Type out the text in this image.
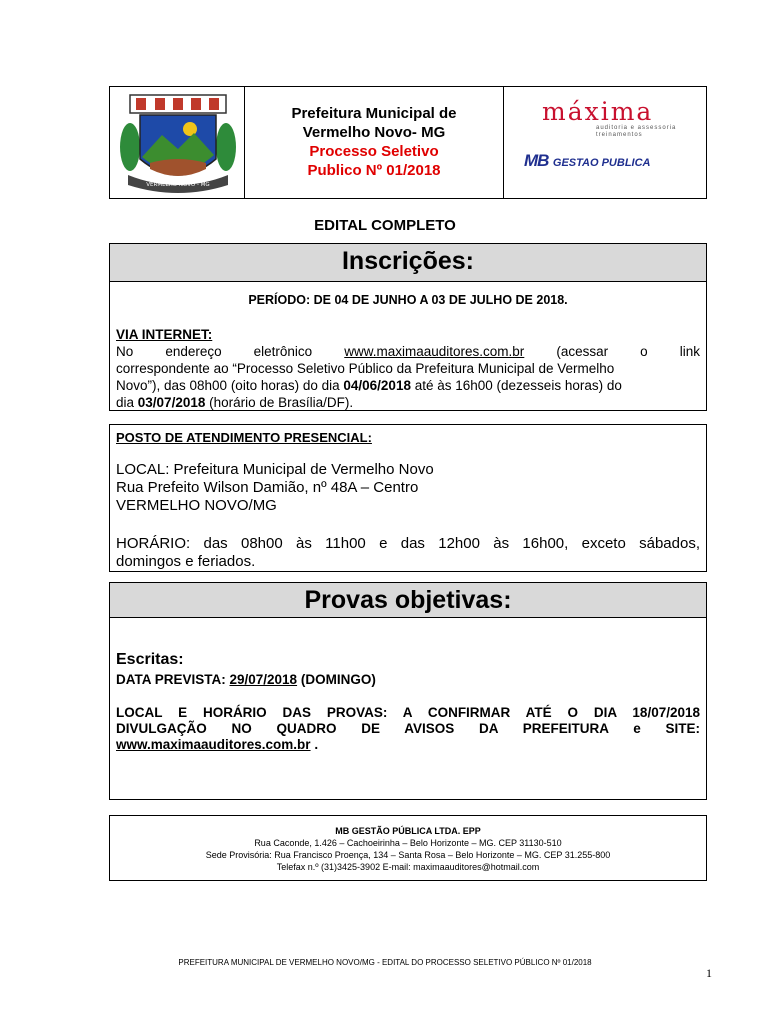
VERMELHO NOVO - MG
Prefeitura Municipal de
Vermelho Novo- MG
Processo Seletivo
Publico Nº 01/2018
máxima
auditoria e assessoria
treinamentos
MB GESTAO PUBLICA
EDITAL COMPLETO
Inscrições:
PERÍODO: DE 04 DE JUNHO A 03 DE JULHO DE 2018.
VIA INTERNET:
No endereço eletrônico www.maximaauditores.com.br (acessar o link
correspondente ao “Processo Seletivo Público da Prefeitura Municipal de Vermelho
Novo”), das 08h00 (oito horas) do dia 04/06/2018 até às 16h00 (dezesseis horas) do
dia 03/07/2018 (horário de Brasília/DF).
POSTO DE ATENDIMENTO PRESENCIAL:
LOCAL: Prefeitura Municipal de Vermelho Novo
Rua Prefeito Wilson Damião, nº 48A – Centro
VERMELHO NOVO/MG
HORÁRIO: das 08h00 às 11h00 e das 12h00 às 16h00, exceto sábados,
domingos e feriados.
Provas objetivas:
Escritas:
DATA PREVISTA: 29/07/2018 (DOMINGO)
LOCAL E HORÁRIO DAS PROVAS: A CONFIRMAR ATÉ O DIA 18/07/2018
DIVULGAÇÃO NO QUADRO DE AVISOS DA PREFEITURA e SITE:
www.maximaauditores.com.br .
MB GESTÃO PÚBLICA LTDA. EPP
Rua Caconde, 1.426 – Cachoeirinha – Belo Horizonte – MG. CEP 31130-510
Sede Provisória: Rua Francisco Proença, 134 – Santa Rosa – Belo Horizonte – MG. CEP 31.255-800
Telefax n.º (31)3425-3902 E-mail: maximaauditores@hotmail.com
PREFEITURA MUNICIPAL DE VERMELHO NOVO/MG - EDITAL DO PROCESSO SELETIVO PÚBLICO Nº 01/2018
1
